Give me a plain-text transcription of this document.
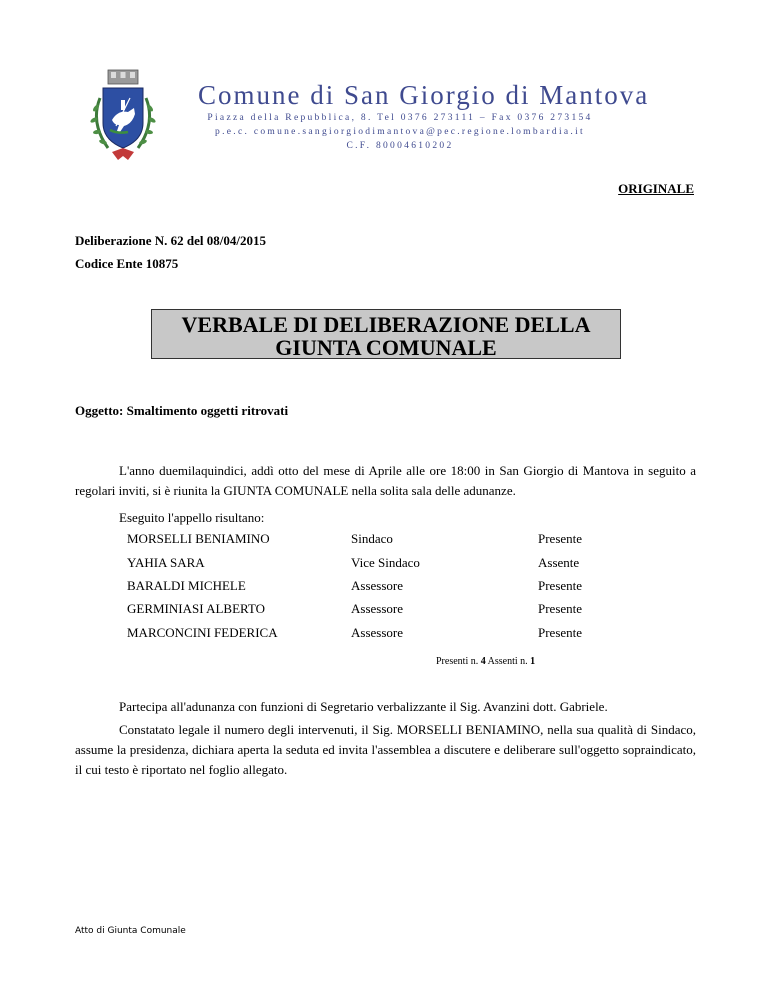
Comune di San Giorgio di Mantova
Piazza della Repubblica, 8. Tel 0376 273111 – Fax 0376 273154
p.e.c. comune.sangiorgiodimantova@pec.regione.lombardia.it
C.F. 80004610202
ORIGINALE
Deliberazione N. 62 del 08/04/2015
Codice Ente 10875
VERBALE DI DELIBERAZIONE DELLA
GIUNTA COMUNALE
Oggetto: Smaltimento oggetti ritrovati
L'anno duemilaquindici, addì otto del mese di Aprile alle ore 18:00 in San Giorgio di Mantova in seguito a regolari inviti, si è riunita la GIUNTA COMUNALE nella solita sala delle adunanze.
Eseguito l'appello risultano:
MORSELLI BENIAMINO	Sindaco	Presente
YAHIA SARA	Vice Sindaco	Assente
BARALDI MICHELE	Assessore	Presente
GERMINIASI ALBERTO	Assessore	Presente
MARCONCINI FEDERICA	Assessore	Presente
Presenti n. 4 Assenti n. 1
Partecipa all'adunanza con funzioni di Segretario verbalizzante il Sig. Avanzini dott. Gabriele.
Constatato legale il numero degli intervenuti, il Sig. MORSELLI BENIAMINO, nella sua qualità di Sindaco, assume la presidenza, dichiara aperta la seduta ed invita l'assemblea a discutere e deliberare sull'oggetto sopraindicato, il cui testo è riportato nel foglio allegato.
Atto di Giunta Comunale
